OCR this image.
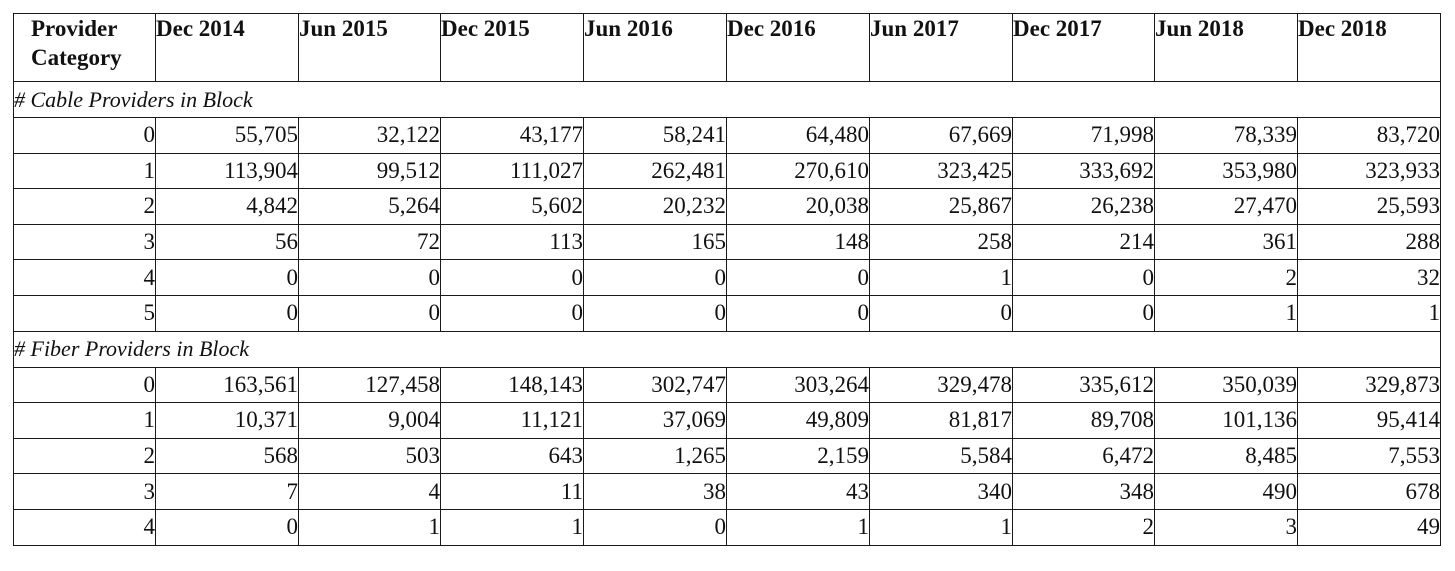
Provider
Category	Dec 2014	Jun 2015	Dec 2015	Jun 2016	Dec 2016	Jun 2017	Dec 2017	Jun 2018	Dec 2018
# Cable Providers in Block									
0	55,705	32,122	43,177	58,241	64,480	67,669	71,998	78,339	83,720
1	113,904	99,512	111,027	262,481	270,610	323,425	333,692	353,980	323,933
2	4,842	5,264	5,602	20,232	20,038	25,867	26,238	27,470	25,593
3	56	72	113	165	148	258	214	361	288
4	0	0	0	0	0	1	0	2	32
5	0	0	0	0	0	0	0	1	1
# Fiber Providers in Block									
0	163,561	127,458	148,143	302,747	303,264	329,478	335,612	350,039	329,873
1	10,371	9,004	11,121	37,069	49,809	81,817	89,708	101,136	95,414
2	568	503	643	1,265	2,159	5,584	6,472	8,485	7,553
3	7	4	11	38	43	340	348	490	678
4	0	1	1	0	1	1	2	3	49
